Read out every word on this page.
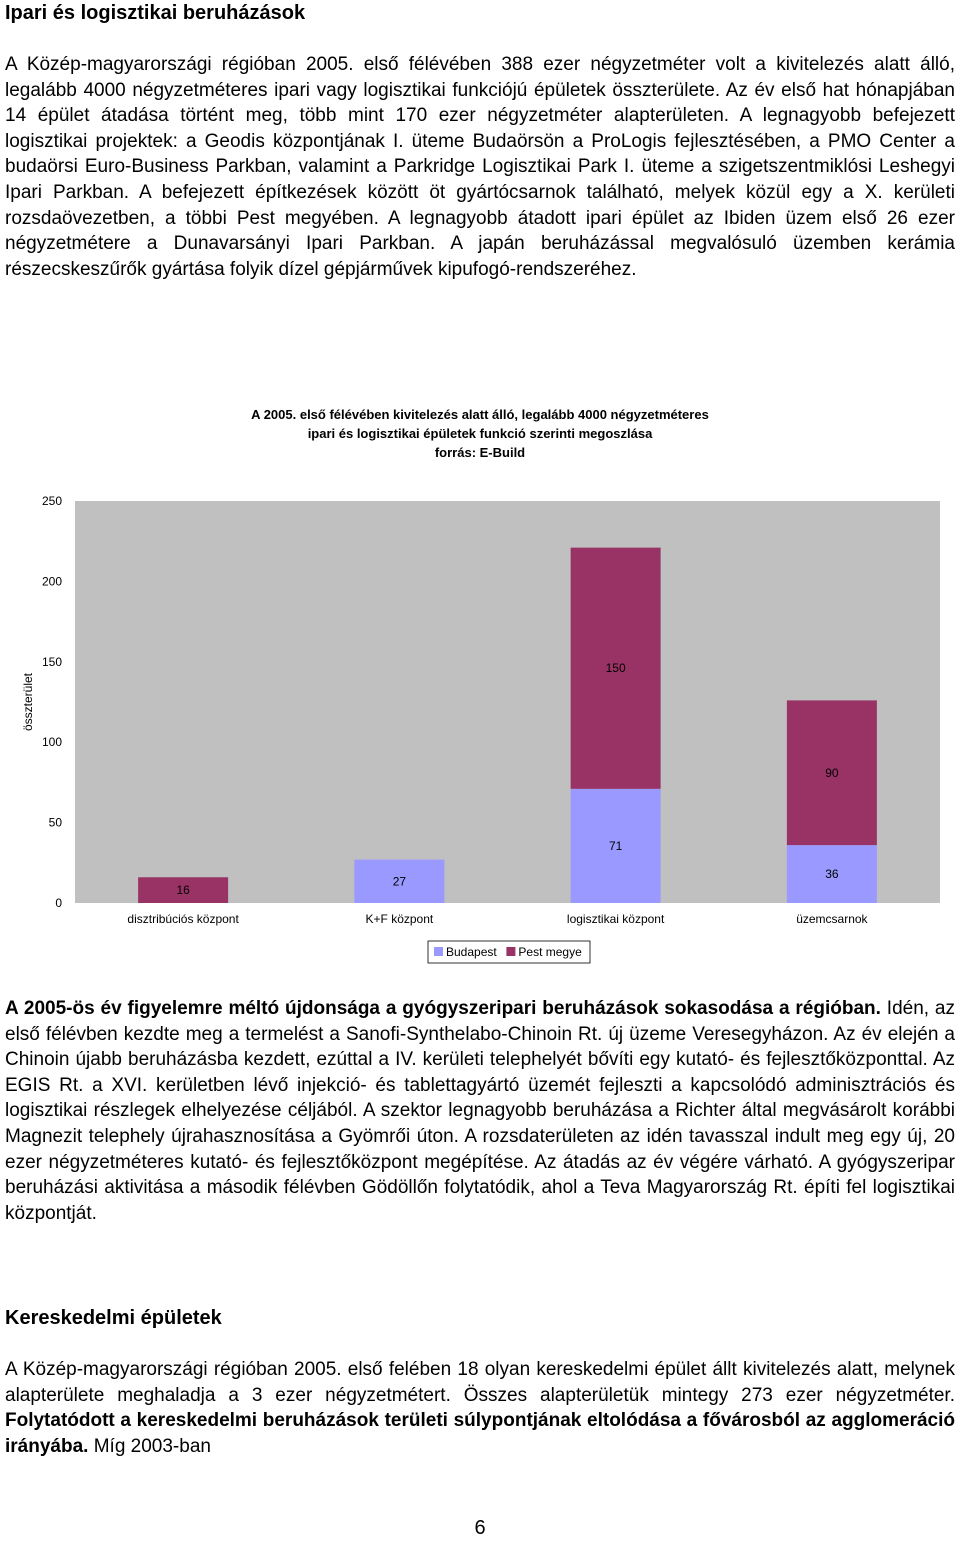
Ipari és logisztikai beruházások

A Közép-magyarországi régióban 2005. első félévében 388 ezer négyzetméter volt a kivitelezés alatt álló, legalább 4000 négyzetméteres ipari vagy logisztikai funkciójú épületek összterülete. Az év első hat hónapjában 14 épület átadása történt meg, több mint 170 ezer négyzetméter alapterületen. A legnagyobb befejezett logisztikai projektek: a Geodis központjának I. üteme Budaörsön a ProLogis fejlesztésében, a PMO Center a budaörsi Euro-Business Parkban, valamint a Parkridge Logisztikai Park I. üteme a szigetszentmiklósi Leshegyi Ipari Parkban. A befejezett építkezések között öt gyártócsarnok található, melyek közül egy a X. kerületi rozsdaövezetben, a többi Pest megyében. A legnagyobb átadott ipari épület az Ibiden üzem első 26 ezer négyzetmétere a Dunavarsányi Ipari Parkban. A japán beruházással megvalósuló üzemben kerámia részecskeszűrők gyártása folyik dízel gépjárművek kipufogó-rendszeréhez.

A 2005. első félévében kivitelezés alatt álló, legalább 4000 négyzetméteres
ipari és logisztikai épületek funkció szerinti megoszlása
forrás: E-Build
0
50
100
150
200
250
összterület
16
27
71
150
36
90
disztribúciós központ	K+F központ	logisztikai központ	üzemcsarnok
Budapest Pest megye

A 2005-ös év figyelemre méltó újdonsága a gyógyszeripari beruházások sokasodása a régióban. Idén, az első félévben kezdte meg a termelést a Sanofi-Synthelabo-Chinoin Rt. új üzeme Veresegyházon. Az év elején a Chinoin újabb beruházásba kezdett, ezúttal a IV. kerületi telephelyét bővíti egy kutató- és fejlesztőközponttal. Az EGIS Rt. a XVI. kerületben lévő injekció- és tablettagyártó üzemét fejleszti a kapcsolódó adminisztrációs és logisztikai részlegek elhelyezése céljából. A szektor legnagyobb beruházása a Richter által megvásárolt korábbi Magnezit telephely újrahasznosítása a Gyömrői úton. A rozsdaterületen az idén tavasszal indult meg egy új, 20 ezer négyzetméteres kutató- és fejlesztőközpont megépítése. Az átadás az év végére várható. A gyógyszeripar beruházási aktivitása a második félévben Gödöllőn folytatódik, ahol a Teva Magyarország Rt. építi fel logisztikai központját.

Kereskedelmi épületek

A Közép-magyarországi régióban 2005. első felében 18 olyan kereskedelmi épület állt kivitelezés alatt, melynek alapterülete meghaladja a 3 ezer négyzetmétert. Összes alapterületük mintegy 273 ezer négyzetméter. Folytatódott a kereskedelmi beruházások területi súlypontjának eltolódása a fővárosból az agglomeráció irányába. Míg 2003-ban

6
